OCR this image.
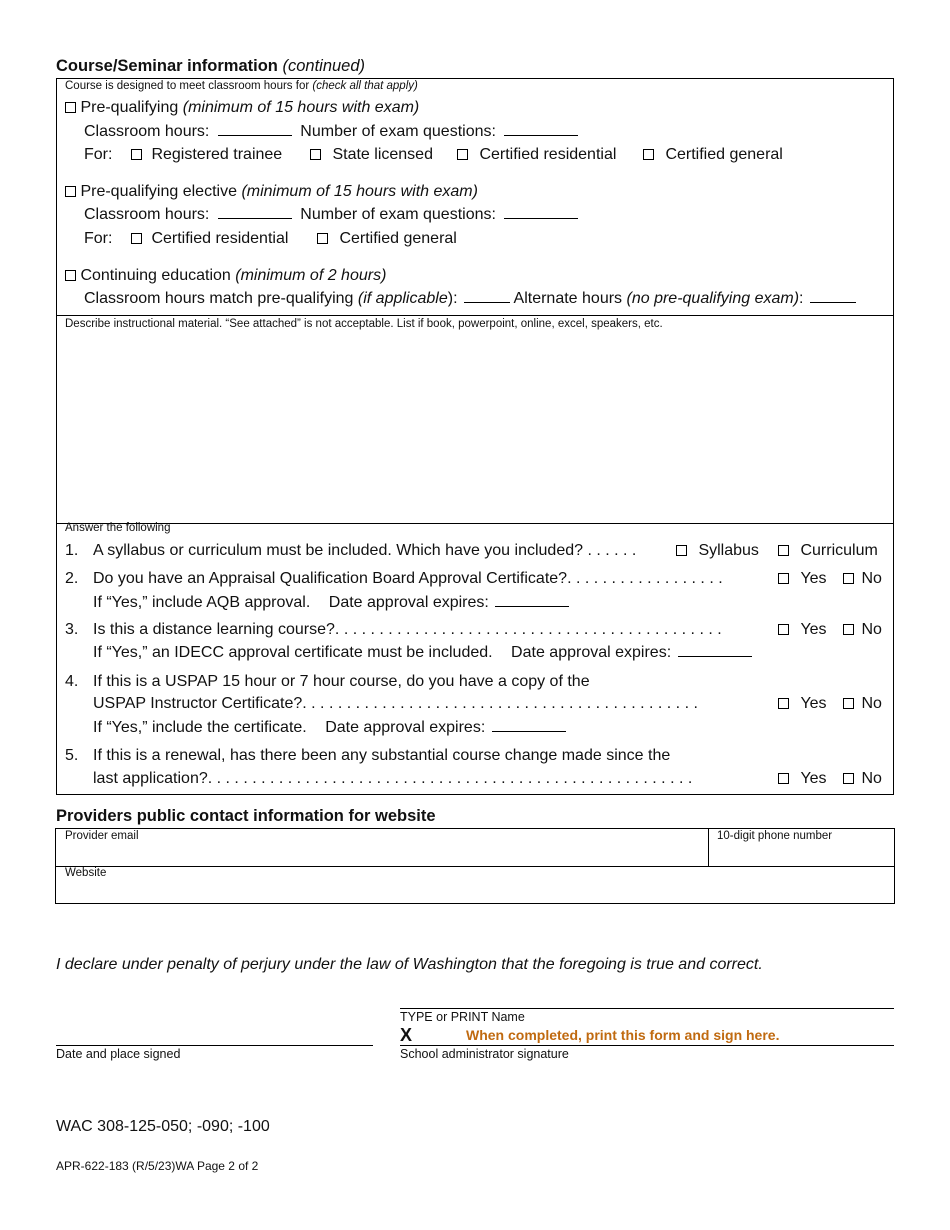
Course/Seminar information (continued)
Course is designed to meet classroom hours for (check all that apply)
Pre-qualifying (minimum of 15 hours with exam)
Classroom hours:	Number of exam questions:
For:	Registered trainee	State licensed	Certified residential	Certified general
Pre-qualifying elective (minimum of 15 hours with exam)
Classroom hours:	Number of exam questions:
For:	Certified residential	Certified general
Continuing education (minimum of 2 hours)
Classroom hours match pre-qualifying (if applicable):	Alternate hours (no pre-qualifying exam):
Describe instructional material. “See attached” is not acceptable. List if book, powerpoint, online, excel, speakers, etc.
Answer the following
1. A syllabus or curriculum must be included. Which have you included? . . . . . .	Syllabus	Curriculum
2. Do you have an Appraisal Qualification Board Approval Certificate?. . . . . . . . . . . . . . . . . .	Yes	No
If “Yes,” include AQB approval. Date approval expires:
3. Is this a distance learning course?. . . . . . . . . . . . . . . . . . . . . . . . . . . . . . . . . . . . . . . . . . . .	Yes	No
If “Yes,” an IDECC approval certificate must be included. Date approval expires:
4. If this is a USPAP 15 hour or 7 hour course, do you have a copy of the
USPAP Instructor Certificate?. . . . . . . . . . . . . . . . . . . . . . . . . . . . . . . . . . . . . . . . . . . . .	Yes	No
If “Yes,” include the certificate. Date approval expires:
5. If this is a renewal, has there been any substantial course change made since the
last application?. . . . . . . . . . . . . . . . . . . . . . . . . . . . . . . . . . . . . . . . . . . . . . . . . . . . . . .	Yes	No
Providers public contact information for website
Provider email	10-digit phone number
Website
I declare under penalty of perjury under the law of Washington that the foregoing is true and correct.
TYPE or PRINT Name
X	When completed, print this form and sign here.
School administrator signature
Date and place signed
WAC 308-125-050; -090; -100
APR-622-183 (R/5/23)WA Page 2 of 2
